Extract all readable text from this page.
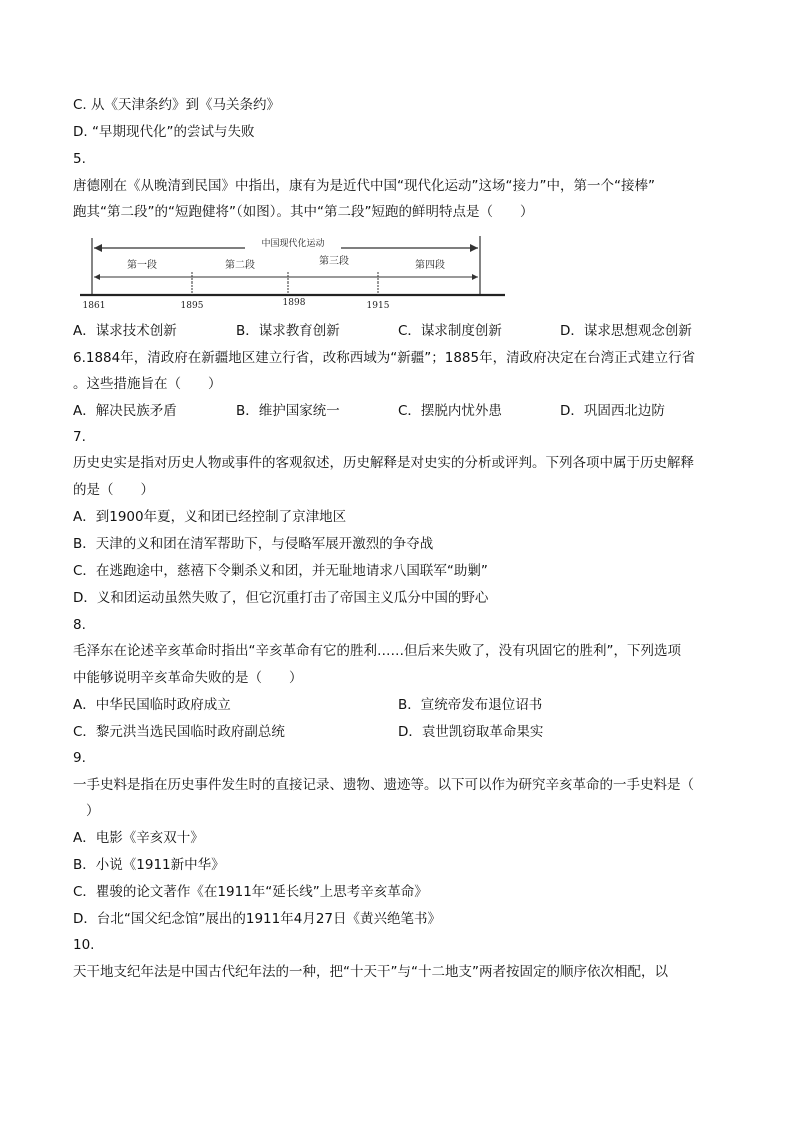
C. 从《天津条约》到《马关条约》
D. “早期现代化”的尝试与失败
5.
唐德刚在《从晚清到民国》中指出，康有为是近代中国“现代化运动”这场“接力”中，第一个“接棒”
跑其“第二段”的“短跑健将”（如图）。其中“第二段”短跑的鲜明特点是（　　）
中国现代化运动
第一段	第二段	第三段	第四段
1861	1895	1898	1915
A．谋求技术创新	B．谋求教育创新	C．谋求制度创新	D．谋求思想观念创新
6.1884年，清政府在新疆地区建立行省，改称西域为“新疆”；1885年，清政府决定在台湾正式建立行省
。这些措施旨在（　　）
A．解决民族矛盾	B．维护国家统一	C．摆脱内忧外患	D．巩固西北边防
7.
历史史实是指对历史人物或事件的客观叙述，历史解释是对史实的分析或评判。下列各项中属于历史解释
的是（　　）
A．到1900年夏，义和团已经控制了京津地区
B．天津的义和团在清军帮助下，与侵略军展开激烈的争夺战
C．在逃跑途中，慈禧下令剿杀义和团，并无耻地请求八国联军“助剿”
D．义和团运动虽然失败了，但它沉重打击了帝国主义瓜分中国的野心
8.
毛泽东在论述辛亥革命时指出“辛亥革命有它的胜利……但后来失败了，没有巩固它的胜利”，下列选项
中能够说明辛亥革命失败的是（　　）
A．中华民国临时政府成立	B．宣统帝发布退位诏书
C．黎元洪当选民国临时政府副总统	D．袁世凯窃取革命果实
9.
一手史料是指在历史事件发生时的直接记录、遗物、遗迹等。以下可以作为研究辛亥革命的一手史料是（
）
A．电影《辛亥双十》
B．小说《1911新中华》
C．瞿骏的论文著作《在1911年“延长线”上思考辛亥革命》
D．台北“国父纪念馆”展出的1911年4月27日《黄兴绝笔书》
10.
天干地支纪年法是中国古代纪年法的一种，把“十天干”与“十二地支”两者按固定的顺序依次相配，以
